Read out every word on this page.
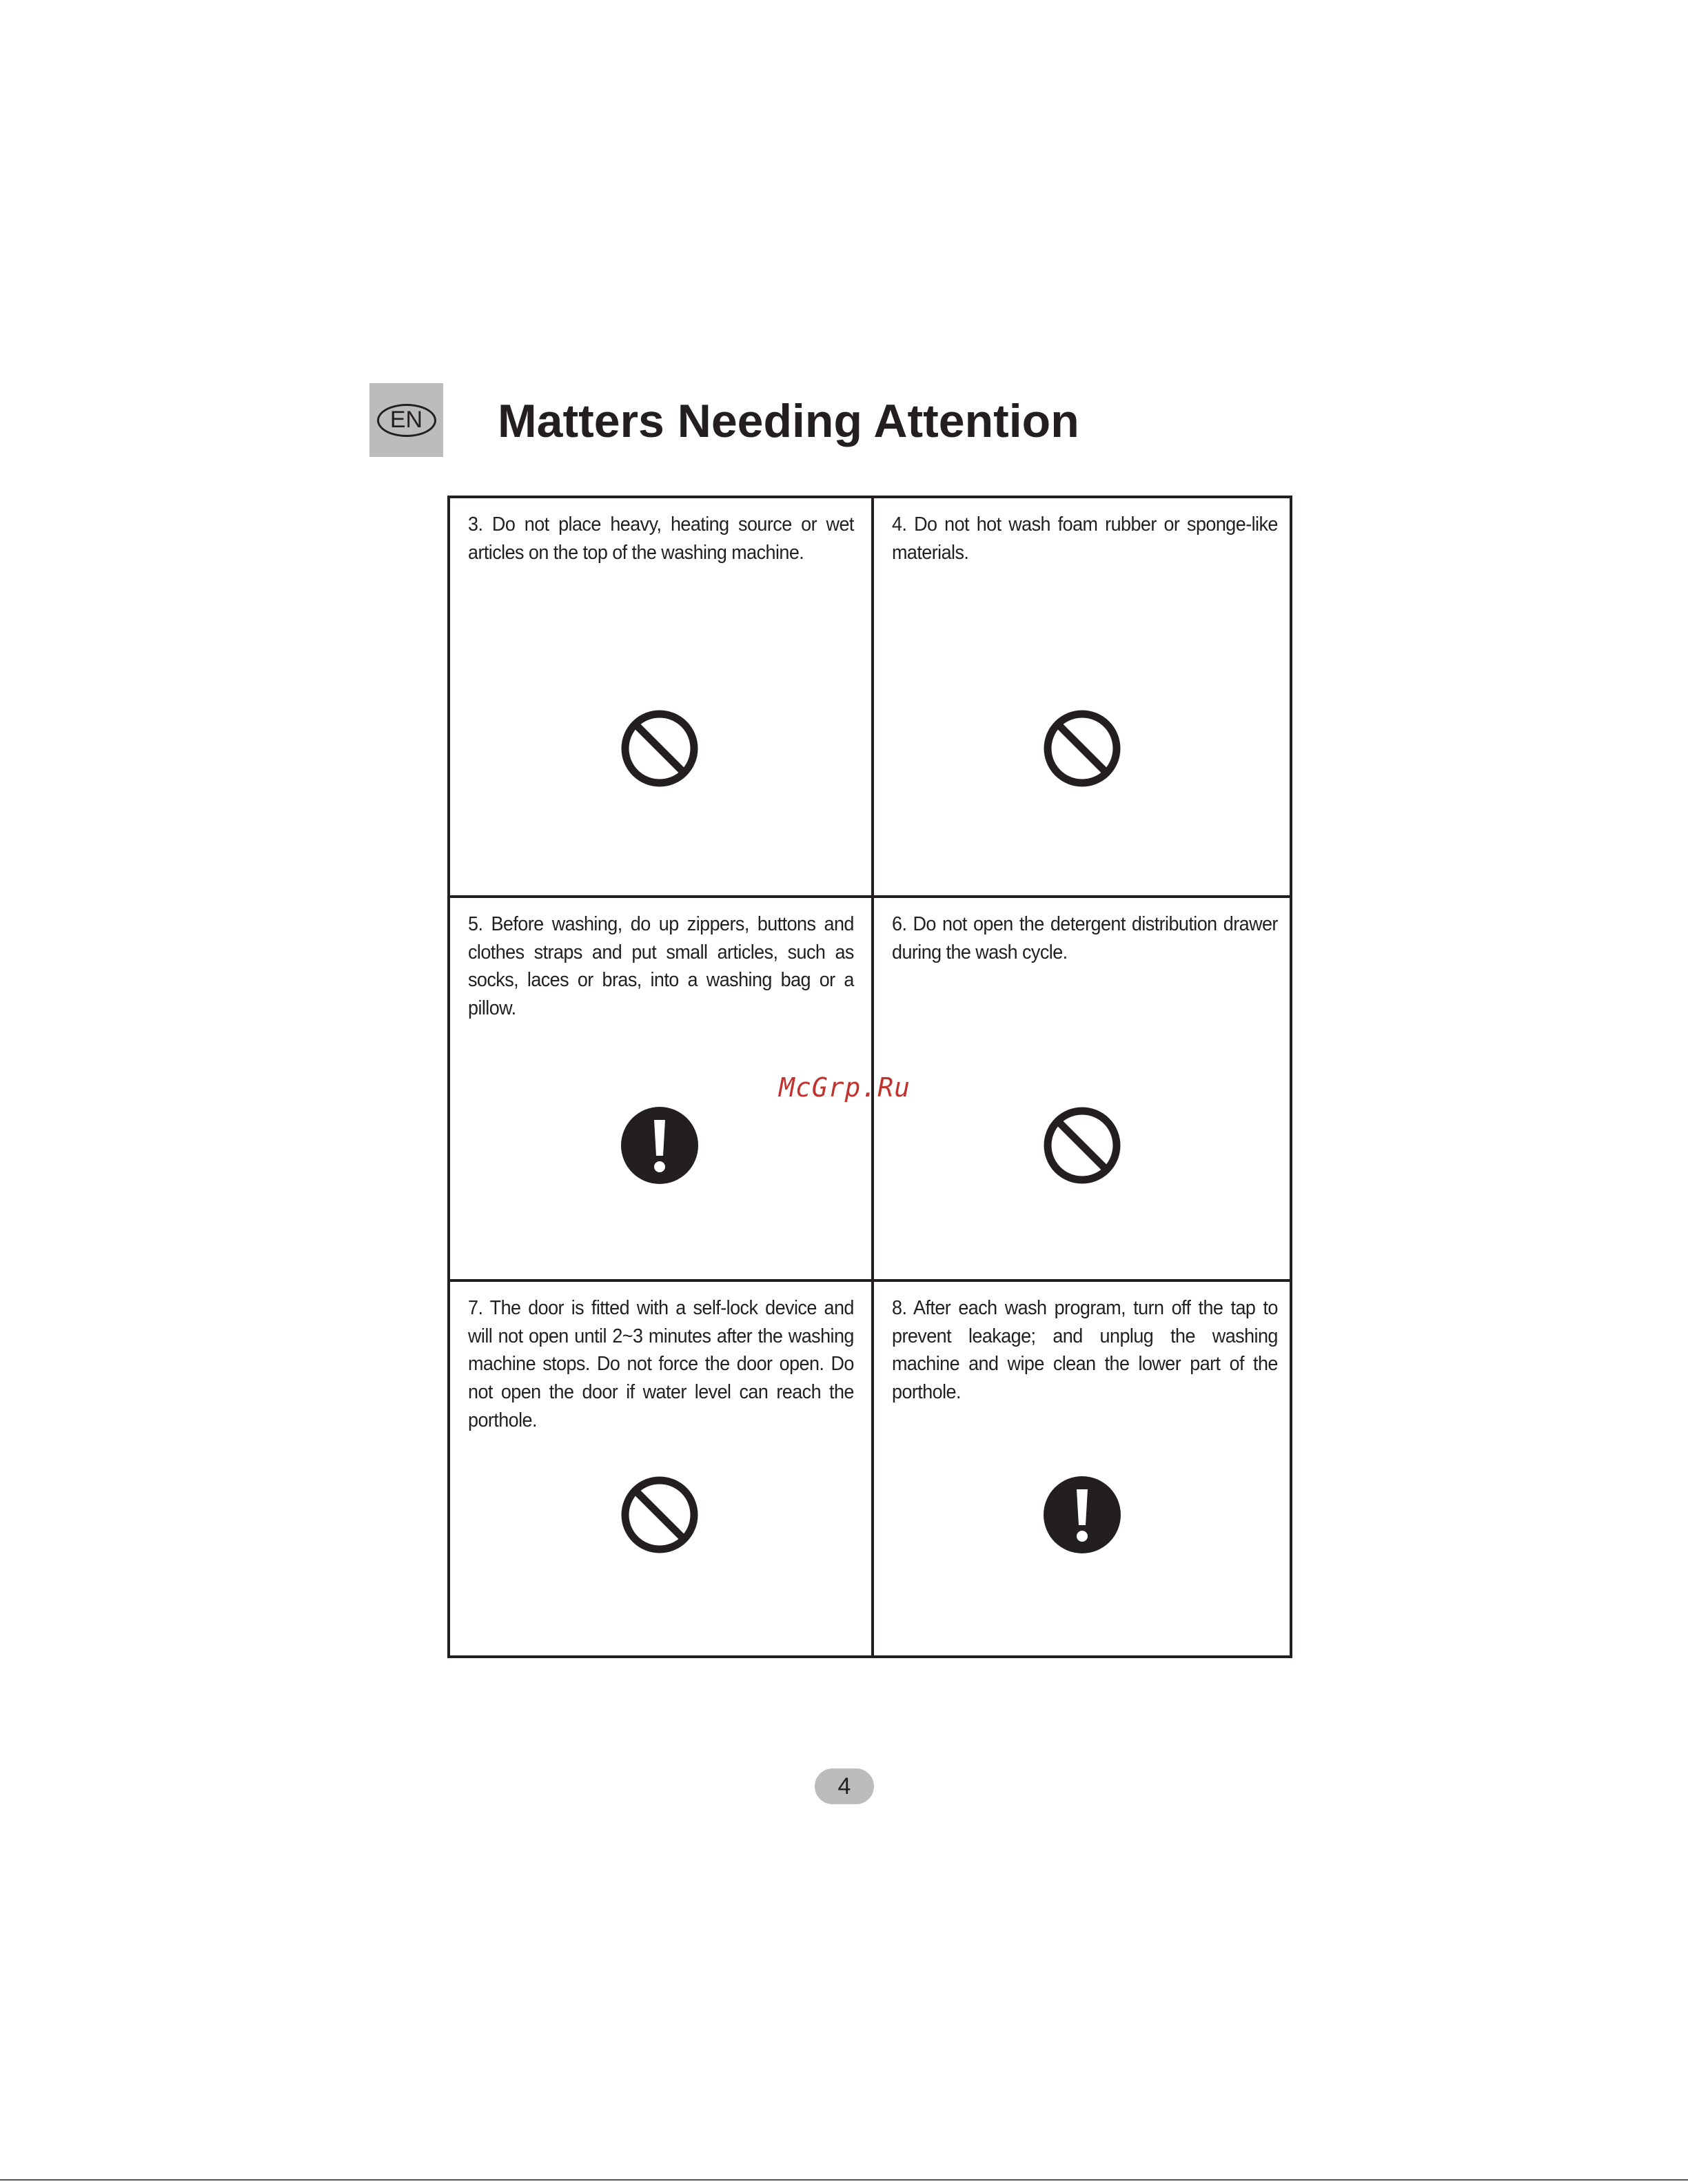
EN Matters Needing Attention
3. Do not place heavy, heating source or wet articles on the top of the washing machine.
4. Do not hot wash foam rubber or sponge-like materials.
5. Before washing, do up zippers, buttons and clothes straps and put small articles, such as socks, laces or bras, into a washing bag or a pillow.
6. Do not open the detergent distribution drawer during the wash cycle.
7. The door is fitted with a self-lock device and will not open until 2~3 minutes after the washing machine stops. Do not force the door open. Do not open the door if water level can reach the porthole.
8. After each wash program, turn off the tap to prevent leakage; and unplug the washing machine and wipe clean the lower part of the porthole.
McGrp.Ru
4
